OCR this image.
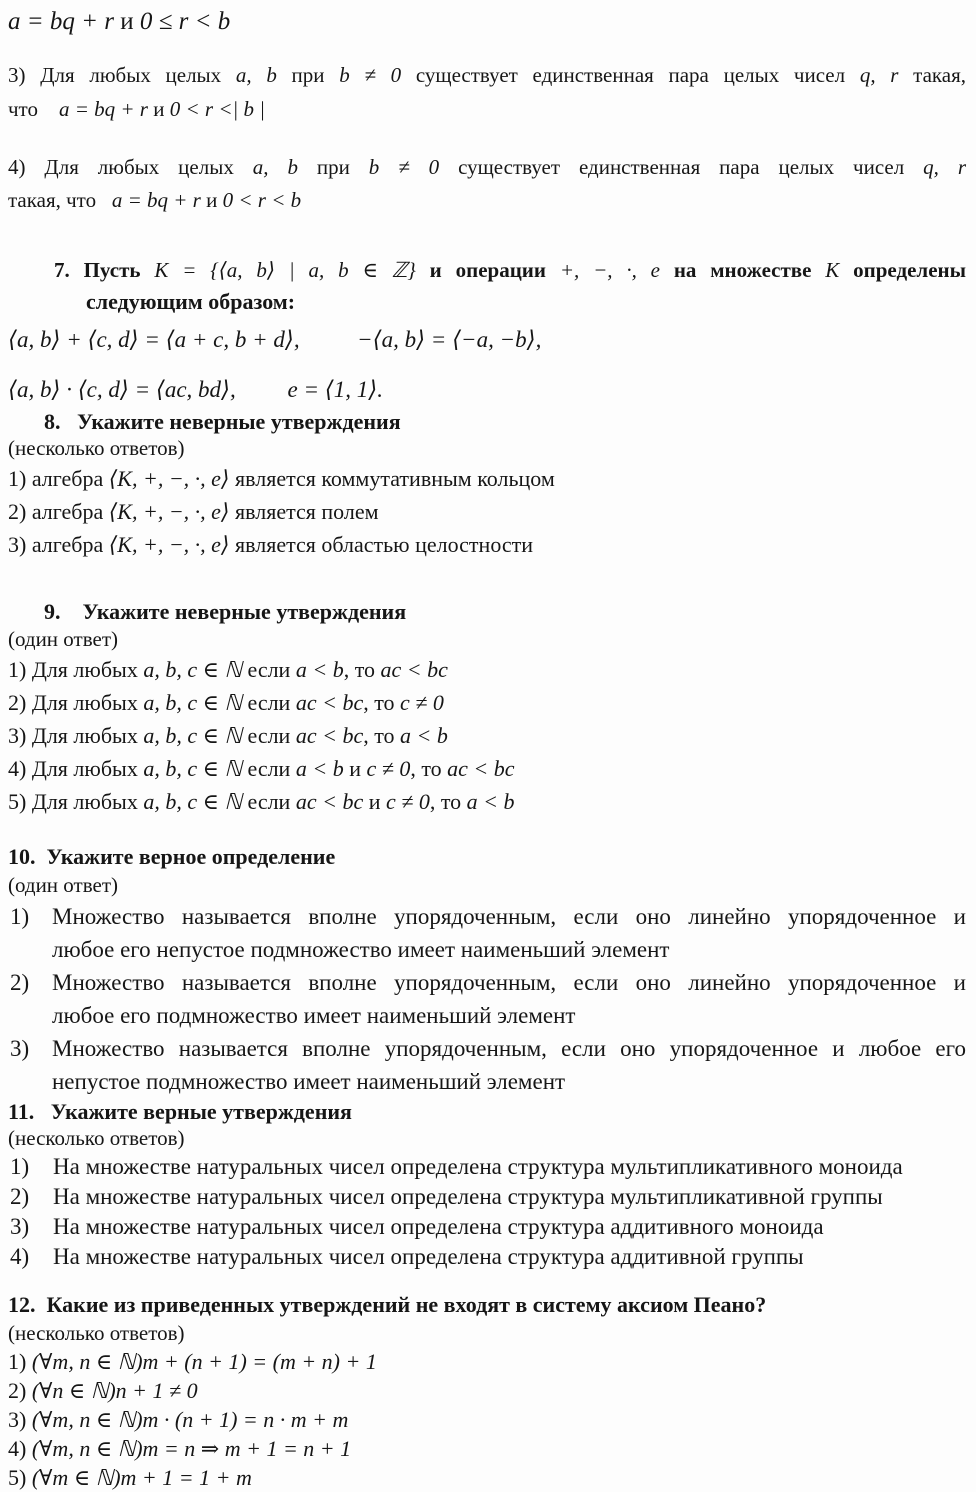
a = bq + r и 0 ≤ r < b
3) Для любых целых a, b при b ≠ 0 существует единственная пара целых чисел q, r такая,
что    a = bq + r и 0 < r <| b |
4) Для любых целых a, b при b ≠ 0 существует единственная пара целых чисел q, r
такая, что   a = bq + r и 0 < r < b
7. Пусть K = {⟨a, b⟩ | a, b ∈ ℤ} и операции +, −, ·, e на множестве K определены
следующим образом:
⟨a, b⟩ + ⟨c, d⟩ = ⟨a + c, b + d⟩,	−⟨a, b⟩ = ⟨−a, −b⟩,
⟨a, b⟩ · ⟨c, d⟩ = ⟨ac, bd⟩, e = ⟨1, 1⟩.
8.   Укажите неверные утверждения
(несколько ответов)
1) алгебра ⟨K, +, −, ·, e⟩ является коммутативным кольцом
2) алгебра ⟨K, +, −, ·, e⟩ является полем
3) алгебра ⟨K, +, −, ·, e⟩ является областью целостности
9.    Укажите неверные утверждения
(один ответ)
1) Для любых a, b, c ∈ ℕ если a < b, то ac < bc
2) Для любых a, b, c ∈ ℕ если ac < bc, то c ≠ 0
3) Для любых a, b, c ∈ ℕ если ac < bc, то a < b
4) Для любых a, b, c ∈ ℕ если a < b и c ≠ 0, то ac < bc
5) Для любых a, b, c ∈ ℕ если ac < bc и c ≠ 0, то a < b
10.  Укажите верное определение
(один ответ)
1) Множество называется вполне упорядоченным, если оно линейно упорядоченное и
любое его непустое подмножество имеет наименьший элемент
2) Множество называется вполне упорядоченным, если оно линейно упорядоченное и
любое его подмножество имеет наименьший элемент
3) Множество называется вполне упорядоченным, если оно упорядоченное и любое его
непустое подмножество имеет наименьший элемент
11.   Укажите верные утверждения
(несколько ответов)
1) На множестве натуральных чисел определена структура мультипликативного моноида
2) На множестве натуральных чисел определена структура мультипликативной группы
3) На множестве натуральных чисел определена структура аддитивного моноида
4) На множестве натуральных чисел определена структура аддитивной группы
12.  Какие из приведенных утверждений не входят в систему аксиом Пеано?
(несколько ответов)
1) (∀m, n ∈ ℕ)m + (n + 1) = (m + n) + 1
2) (∀n ∈ ℕ)n + 1 ≠ 0
3) (∀m, n ∈ ℕ)m · (n + 1) = n · m + m
4) (∀m, n ∈ ℕ)m = n ⇒ m + 1 = n + 1
5) (∀m ∈ ℕ)m + 1 = 1 + m
